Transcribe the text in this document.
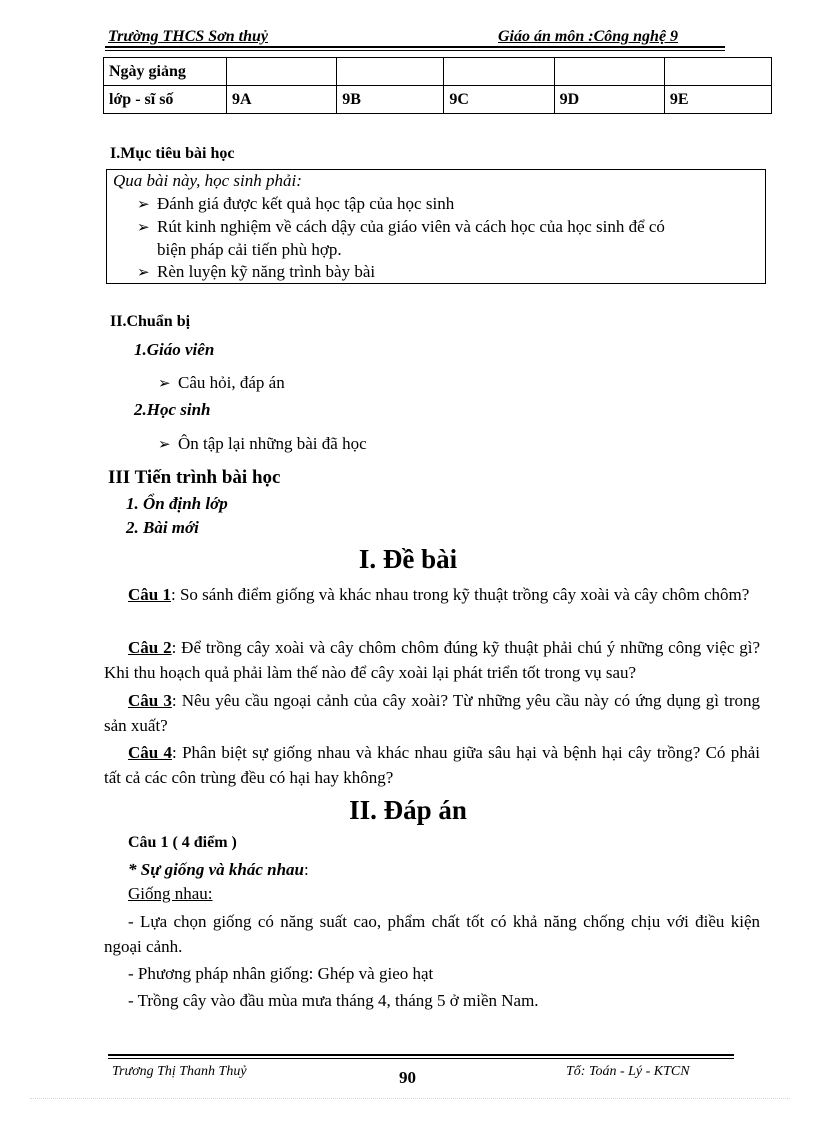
Trường THCS Sơn thuỷ	Giáo án môn :Công nghệ 9
Ngày giảng					
lớp - sĩ số	9A	9B	9C	9D	9E
I.Mục tiêu bài học
Qua bài này, học sinh phải:
➢ Đánh giá được kết quả học tập của học sinh
➢ Rút kinh nghiệm về cách dậy của giáo viên và cách học của học sinh để có
biện pháp cải tiến phù hợp.
➢ Rèn luyện kỹ năng trình bày bài
II.Chuẩn bị
1.Giáo viên
➢ Câu hỏi, đáp án
2.Học sinh
➢ Ôn tập lại những bài đã học
III Tiến trình bài học
1. Ổn định lớp
2. Bài mới
I. Đề bài
Câu 1: So sánh điểm giống và khác nhau trong kỹ thuật trồng cây xoài và cây chôm chôm?
Câu 2: Để trồng cây xoài và cây chôm chôm đúng kỹ thuật phải chú ý những công việc gì? Khi thu hoạch quả phải làm thế nào để cây xoài lại phát triển tốt trong vụ sau?
Câu 3: Nêu yêu cầu ngoại cảnh của cây xoài? Từ những yêu cầu này có ứng dụng gì trong sản xuất?
Câu 4: Phân biệt sự giống nhau và khác nhau giữa sâu hại và bệnh hại cây trồng? Có phải tất cả các côn trùng đều có hại hay không?
II. Đáp án
Câu 1 ( 4 điểm )
* Sự giống và khác nhau:
Giống nhau:
- Lựa chọn giống có năng suất cao, phẩm chất tốt có khả năng chống chịu với điều kiện ngoại cảnh.
- Phương pháp nhân giống: Ghép và gieo hạt
- Trồng cây vào đầu mùa mưa tháng 4, tháng 5 ở miền Nam.
Trương Thị Thanh Thuỷ	90	Tổ: Toán - Lý - KTCN
